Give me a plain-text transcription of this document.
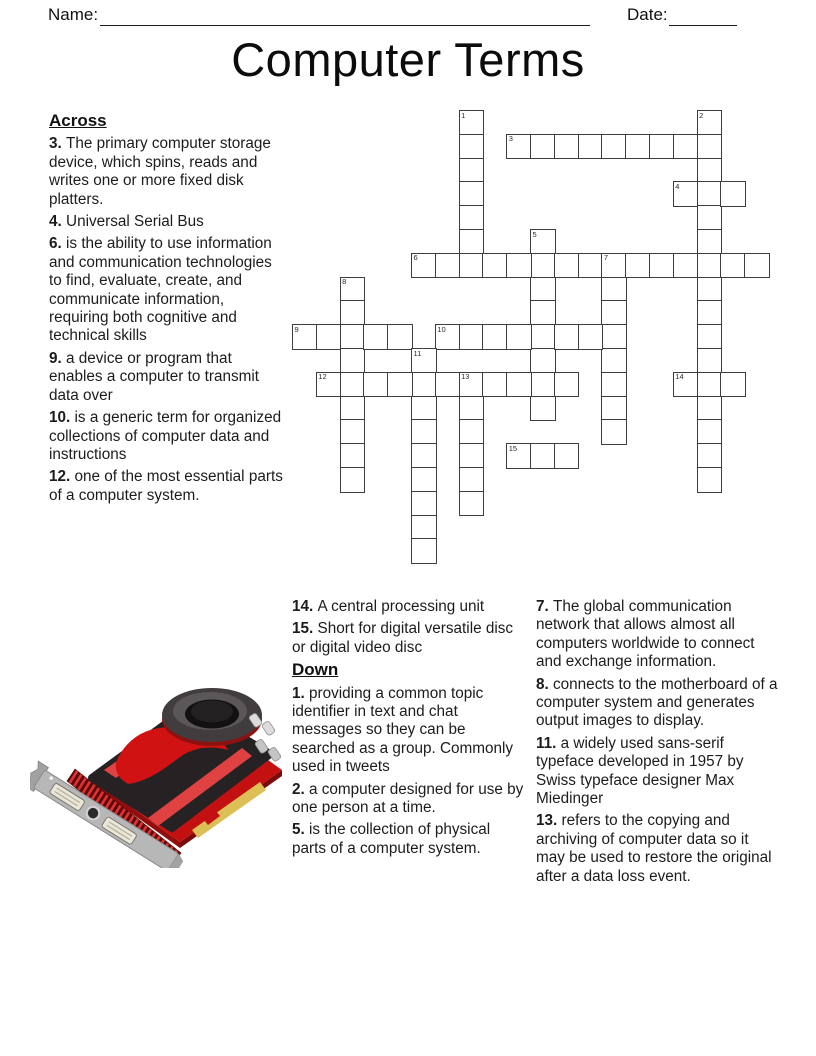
Name:	Date:
Computer Terms
1	2
3
4
5
6	7
8
9	10
11
12	13	14
15
Across
3. The primary computer storage device, which spins, reads and writes one or more fixed disk platters.
4. Universal Serial Bus
6. is the ability to use information and communication technologies to find, evaluate, create, and communicate information, requiring both cognitive and technical skills
9. a device or program that enables a computer to transmit data over
10. is a generic term for organized collections of computer data and instructions
12. one of the most essential parts of a computer system.
14. A central processing unit
15. Short for digital versatile disc or digital video disc
Down
1. providing a common topic identifier in text and chat messages so they can be searched as a group. Commonly used in tweets
2. a computer designed for use by one person at a time.
5. is the collection of physical parts of a computer system.
7. The global communication network that allows almost all computers worldwide to connect and exchange information.
8. connects to the motherboard of a computer system and generates output images to display.
11. a widely used sans-serif typeface developed in 1957 by Swiss typeface designer Max Miedinger
13. refers to the copying and archiving of computer data so it may be used to restore the original after a data loss event.
